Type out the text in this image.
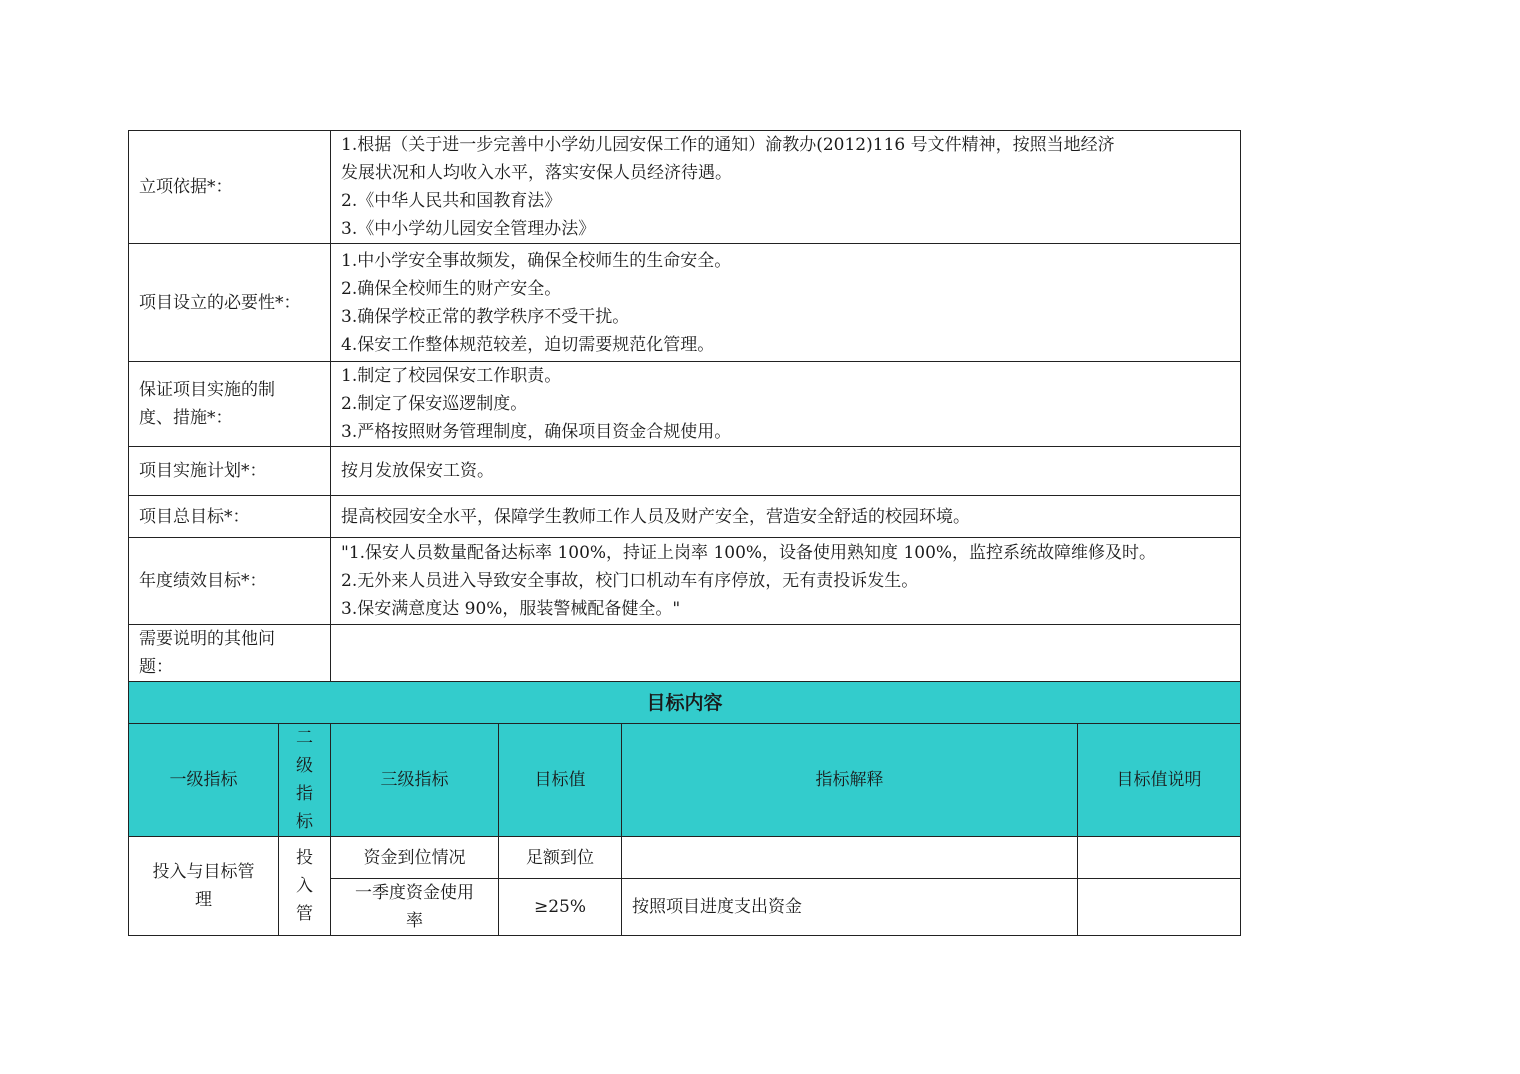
立项依据*：		1.根据（关于进一步完善中小学幼儿园安保工作的通知）渝教办(2012)116 号文件精神，按照当地经济
发展状况和人均收入水平，落实安保人员经济待遇。
2.《中华人民共和国教育法》
3.《中小学幼儿园安全管理办法》			

项目设立的必要性*：		1.中小学安全事故频发，确保全校师生的生命安全。
2.确保全校师生的财产安全。
3.确保学校正常的教学秩序不受干扰。
4.保安工作整体规范较差，迫切需要规范化管理。			

保证项目实施的制
度、措施*：		1.制定了校园保安工作职责。
2.制定了保安巡逻制度。
3.严格按照财务管理制度，确保项目资金合规使用。			

项目实施计划*：		按月发放保安工资。			

项目总目标*：		提高校园安全水平，保障学生教师工作人员及财产安全，营造安全舒适的校园环境。			

年度绩效目标*：		"1.保安人员数量配备达标率 100%，持证上岗率 100%，设备使用熟知度 100%，监控系统故障维修及时。
2.无外来人员进入导致安全事故，校门口机动车有序停放，无有责投诉发生。
3.保安满意度达 90%，服装警械配备健全。"			

需要说明的其他问
题：					

目标内容					
一级指标	二
级
指
标	三级指标	目标值	指标解释	目标值说明

投入与目标管
理	投
入
管	资金到位情况	足额到位		

		一季度资金使用
率	≥25%	按照项目进度支出资金	
